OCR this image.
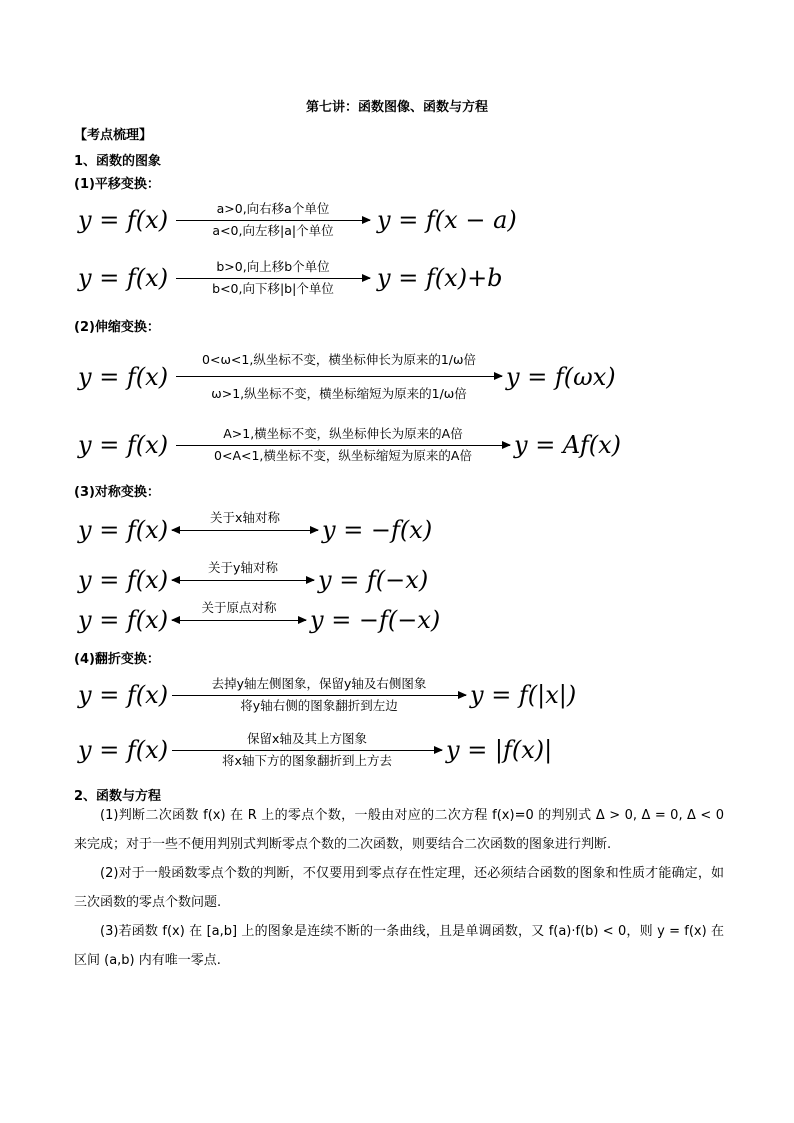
第七讲：函数图像、函数与方程
【考点梳理】
1、函数的图象
(1)平移变换：
y = f(x)	a>0,向右移a个单位
a<0,向左移|a|个单位	y = f(x − a)
y = f(x)	b>0,向上移b个单位
b<0,向下移|b|个单位	y = f(x)+b
(2)伸缩变换：
y = f(x)
0<ω<1,纵坐标不变，横坐标伸长为原来的1/ω倍
ω>1,纵坐标不变，横坐标缩短为原来的1/ω倍
y = f(ωx)
y = f(x)	A>1,横坐标不变，纵坐标伸长为原来的A倍
0<A<1,横坐标不变，纵坐标缩短为原来的A倍	y = Af(x)
(3)对称变换：
y = f(x)	关于x轴对称	y = −f(x)
y = f(x)	关于y轴对称	y = f(−x)
y = f(x)	关于原点对称	y = −f(−x)
(4)翻折变换：
y = f(x)	去掉y轴左侧图象，保留y轴及右侧图象
将y轴右侧的图象翻折到左边	y = f(|x|)
y = f(x)	保留x轴及其上方图象
将x轴下方的图象翻折到上方去	y = |f(x)|
2、函数与方程

(1)判断二次函数 f(x) 在 R 上的零点个数，一般由对应的二次方程 f(x)=0 的判别式 Δ > 0, Δ = 0, Δ < 0 来完成；对于一些不便用判别式判断零点个数的二次函数，则要结合二次函数的图象进行判断.

(2)对于一般函数零点个数的判断，不仅要用到零点存在性定理，还必须结合函数的图象和性质才能确定，如三次函数的零点个数问题.

(3)若函数 f(x) 在 [a,b] 上的图象是连续不断的一条曲线，且是单调函数，又 f(a)·f(b) < 0，则 y = f(x) 在区间 (a,b) 内有唯一零点.
